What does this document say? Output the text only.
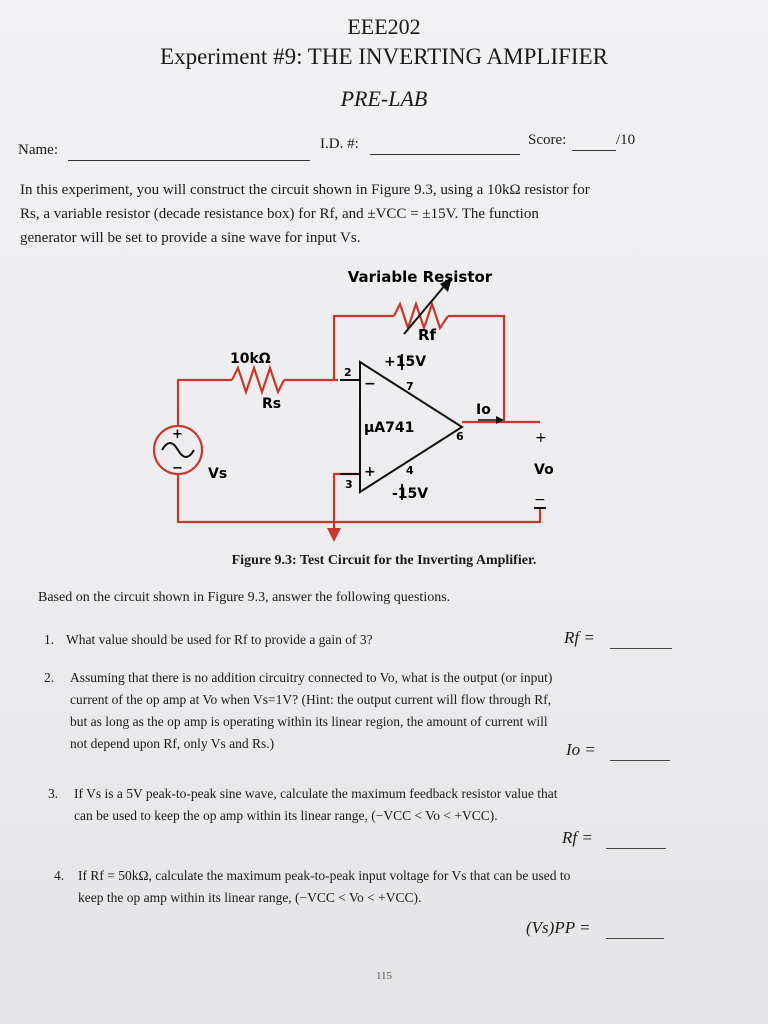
EEE202
Experiment #9: THE INVERTING AMPLIFIER
PRE-LAB
Name:	I.D. #:	Score:	/10
In this experiment, you will construct the circuit shown in Figure 9.3, using a 10kΩ resistor for
Rs, a variable resistor (decade resistance box) for Rf, and ±VCC = ±15V. The function
generator will be set to provide a sine wave for input Vs.
Variable Resistor
Rf
10kΩ
Rs
+15V
-15V
µA741
2
3
4
6
7
−
+
Io
Vs	Vo
+
−
+
−
Figure 9.3: Test Circuit for the Inverting Amplifier.
Based on the circuit shown in Figure 9.3, answer the following questions.
1. What value should be used for Rf to provide a gain of 3?	Rf =
2. Assuming that there is no addition circuitry connected to Vo, what is the output (or input)
current of the op amp at Vo when Vs=1V? (Hint: the output current will flow through Rf,
but as long as the op amp is operating within its linear region, the amount of current will
not depend upon Rf, only Vs and Rs.)	Io =
3. If Vs is a 5V peak-to-peak sine wave, calculate the maximum feedback resistor value that
can be used to keep the op amp within its linear range, (−VCC < Vo < +VCC).
Rf =
4. If Rf = 50kΩ, calculate the maximum peak-to-peak input voltage for Vs that can be used to
keep the op amp within its linear range, (−VCC < Vo < +VCC).
(Vs)PP =
115
